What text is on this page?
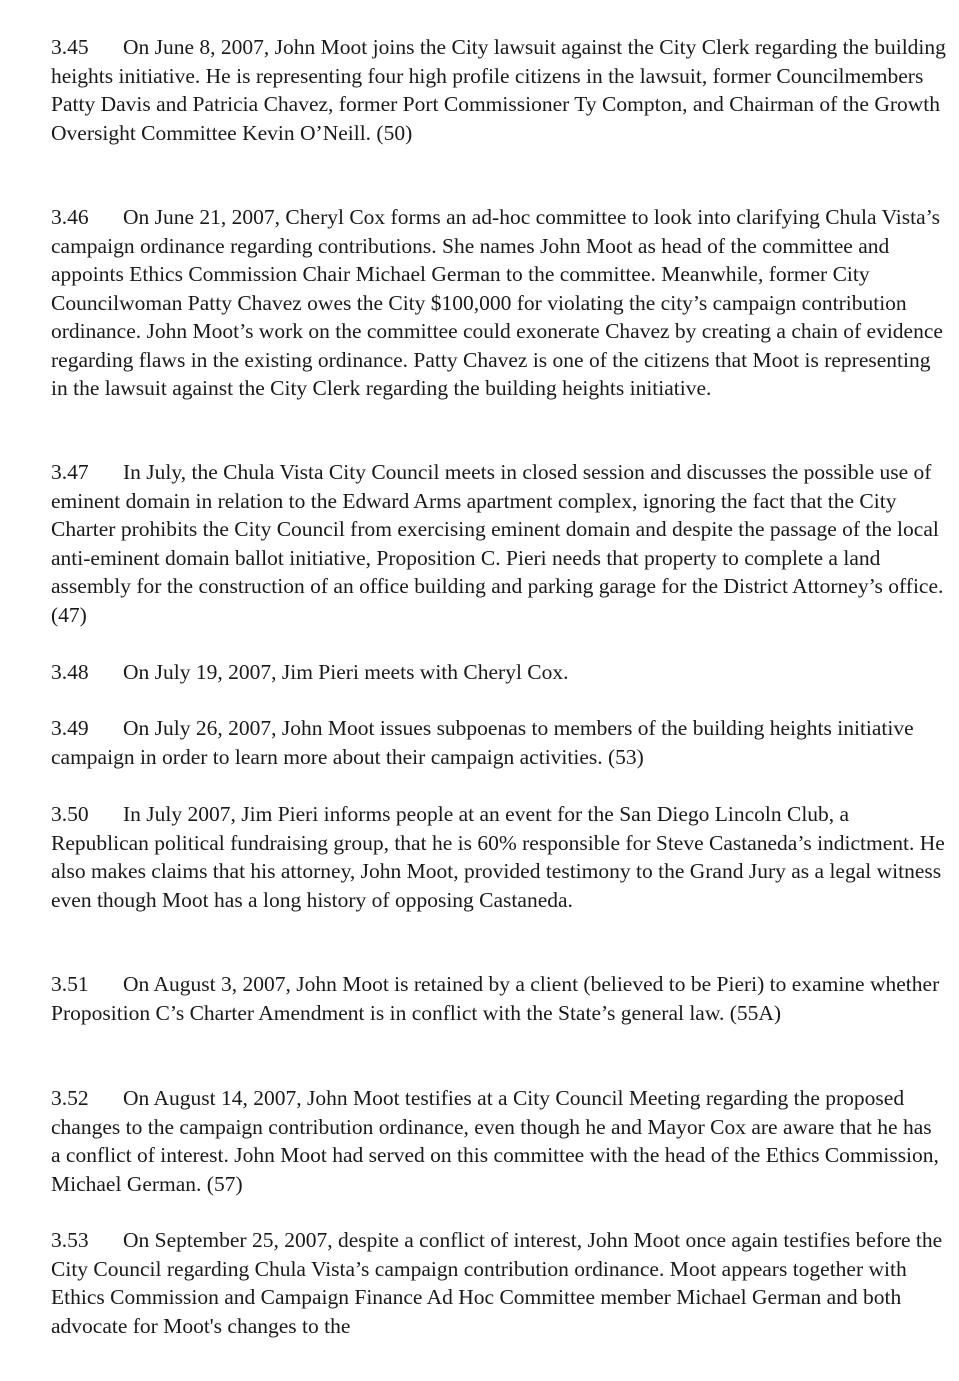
3.45 On June 8, 2007, John Moot joins the City lawsuit against the City Clerk regarding the building heights initiative. He is representing four high profile citizens in the lawsuit, former Councilmembers Patty Davis and Patricia Chavez, former Port Commissioner Ty Compton, and Chairman of the Growth Oversight Committee Kevin O’Neill. (50)

3.46 On June 21, 2007, Cheryl Cox forms an ad-hoc committee to look into clarifying Chula Vista’s campaign ordinance regarding contributions. She names John Moot as head of the committee and appoints Ethics Commission Chair Michael German to the committee. Meanwhile, former City Councilwoman Patty Chavez owes the City $100,000 for violating the city’s campaign contribution ordinance. John Moot’s work on the committee could exonerate Chavez by creating a chain of evidence regarding flaws in the existing ordinance. Patty Chavez is one of the citizens that Moot is representing in the lawsuit against the City Clerk regarding the building heights initiative.

3.47 In July, the Chula Vista City Council meets in closed session and discusses the possible use of eminent domain in relation to the Edward Arms apartment complex, ignoring the fact that the City Charter prohibits the City Council from exercising eminent domain and despite the passage of the local anti-eminent domain ballot initiative, Proposition C. Pieri needs that property to complete a land assembly for the construction of an office building and parking garage for the District Attorney’s office. (47)

3.48 On July 19, 2007, Jim Pieri meets with Cheryl Cox.

3.49 On July 26, 2007, John Moot issues subpoenas to members of the building heights initiative campaign in order to learn more about their campaign activities. (53)

3.50 In July 2007, Jim Pieri informs people at an event for the San Diego Lincoln Club, a Republican political fundraising group, that he is 60% responsible for Steve Castaneda’s indictment. He also makes claims that his attorney, John Moot, provided testimony to the Grand Jury as a legal witness even though Moot has a long history of opposing Castaneda.

3.51 On August 3, 2007, John Moot is retained by a client (believed to be Pieri) to examine whether Proposition C’s Charter Amendment is in conflict with the State’s general law. (55A)

3.52 On August 14, 2007, John Moot testifies at a City Council Meeting regarding the proposed changes to the campaign contribution ordinance, even though he and Mayor Cox are aware that he has a conflict of interest. John Moot had served on this committee with the head of the Ethics Commission, Michael German. (57)

3.53 On September 25, 2007, despite a conflict of interest, John Moot once again testifies before the City Council regarding Chula Vista’s campaign contribution ordinance. Moot appears together with Ethics Commission and Campaign Finance Ad Hoc Committee member Michael German and both advocate for Moot's changes to the
